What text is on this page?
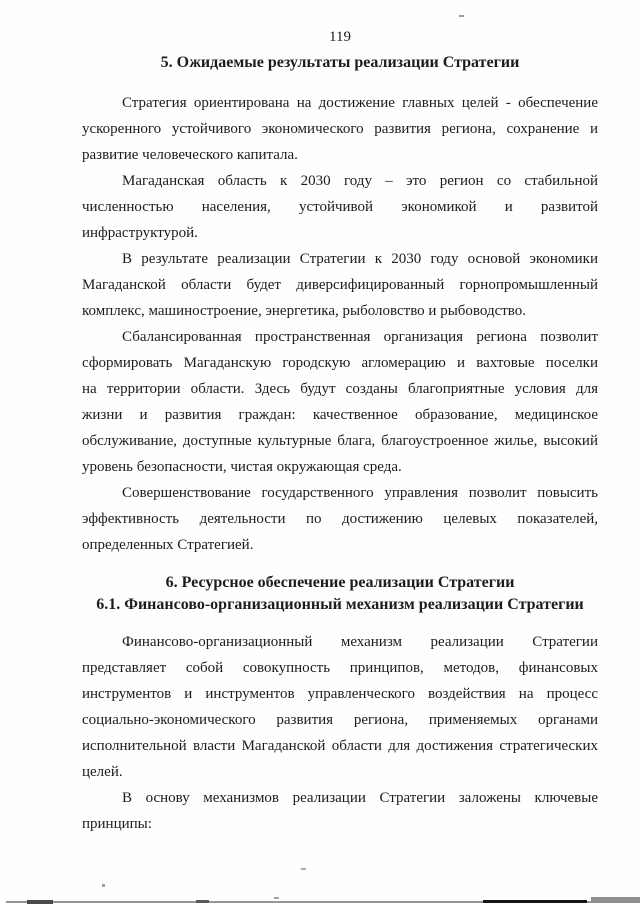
119
5. Ожидаемые результаты реализации Стратегии
Стратегия ориентирована на достижение главных целей - обеспечение
ускоренного устойчивого экономического развития региона, сохранение и
развитие человеческого капитала.
Магаданская область к 2030 году – это регион со стабильной
численностью населения, устойчивой экономикой и развитой
инфраструктурой.
В результате реализации Стратегии к 2030 году основой экономики
Магаданской области будет диверсифицированный горнопромышленный
комплекс, машиностроение, энергетика, рыболовство и рыбоводство.
Сбалансированная пространственная организация региона позволит
сформировать Магаданскую городскую агломерацию и вахтовые поселки
на территории области. Здесь будут созданы благоприятные условия для
жизни и развития граждан: качественное образование, медицинское
обслуживание, доступные культурные блага, благоустроенное жилье, высокий
уровень безопасности, чистая окружающая среда.
Совершенствование государственного управления позволит повысить
эффективность деятельности по достижению целевых показателей,
определенных Стратегией.
6. Ресурсное обеспечение реализации Стратегии
6.1. Финансово-организационный механизм реализации Стратегии
Финансово-организационный механизм реализации Стратегии
представляет собой совокупность принципов, методов, финансовых
инструментов и инструментов управленческого воздействия на процесс
социально-экономического развития региона, применяемых органами
исполнительной власти Магаданской области для достижения стратегических
целей.
В основу механизмов реализации Стратегии заложены ключевые
принципы:
